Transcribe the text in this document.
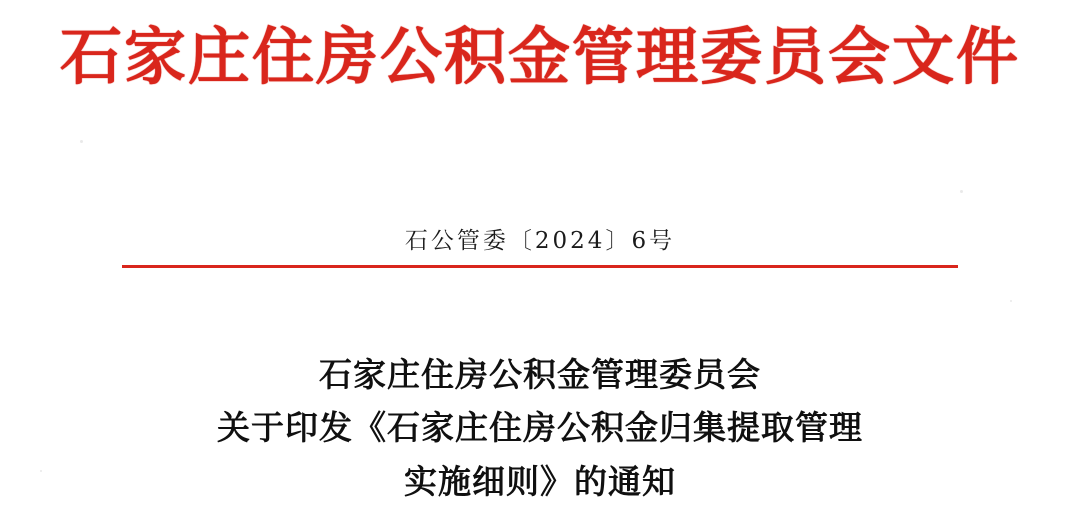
石家庄住房公积金管理委员会文件
石公管委〔2024〕6号
石家庄住房公积金管理委员会
关于印发《石家庄住房公积金归集提取管理
实施细则》的通知
